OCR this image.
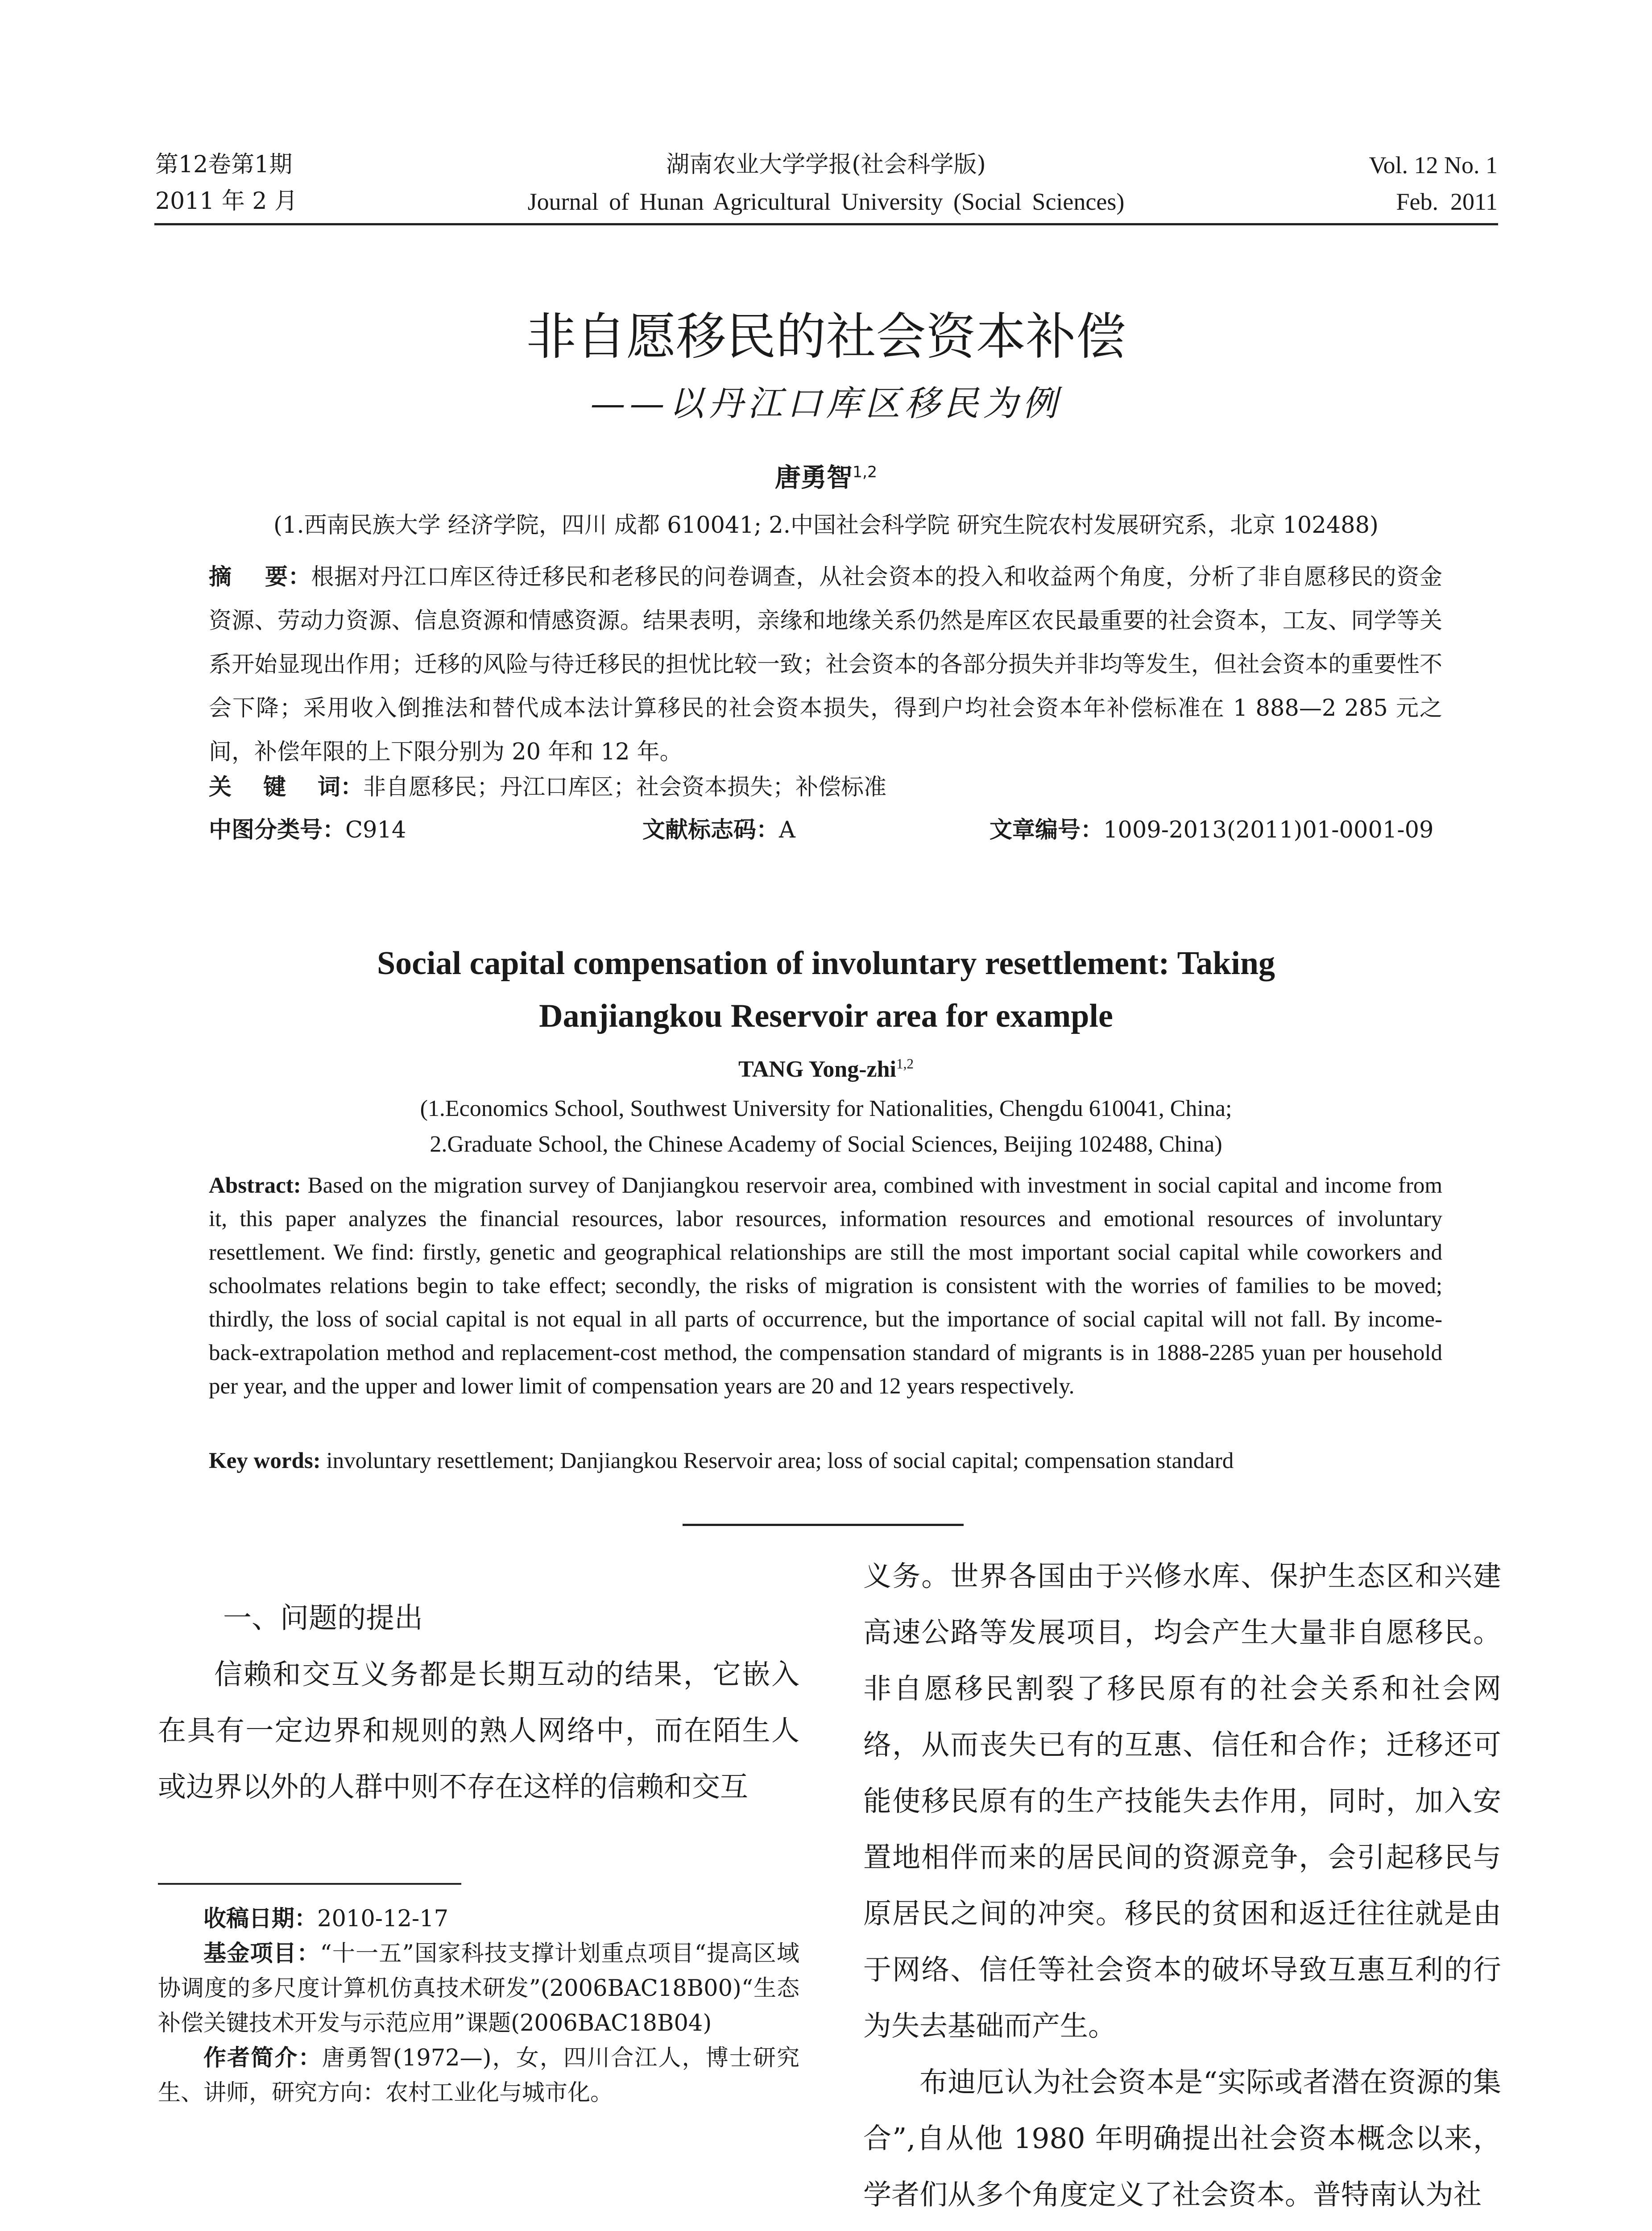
第12卷第1期
2011 年 2 月
湖南农业大学学报(社会科学版)
Journal of Hunan Agricultural University (Social Sciences)
Vol. 12 No. 1
Feb.  2011
非自愿移民的社会资本补偿
——以丹江口库区移民为例
唐勇智$^{1,2}$
(1.西南民族大学 经济学院，四川 成都 610041; 2.中国社会科学院 研究生院农村发展研究系，北京 102488)
摘    要：根据对丹江口库区待迁移民和老移民的问卷调查，从社会资本的投入和收益两个角度，分析了非自愿移民的资金资源、劳动力资源、信息资源和情感资源。结果表明，亲缘和地缘关系仍然是库区农民最重要的社会资本，工友、同学等关系开始显现出作用；迁移的风险与待迁移民的担忧比较一致；社会资本的各部分损失并非均等发生，但社会资本的重要性不会下降；采用收入倒推法和替代成本法计算移民的社会资本损失，得到户均社会资本年补偿标准在 1 888—2 285 元之间，补偿年限的上下限分别为 20 年和 12 年。
关    键    词：非自愿移民；丹江口库区；社会资本损失；补偿标准
中图分类号：C914	文献标志码：A	文章编号：1009-2013(2011)01-0001-09
Social capital compensation of involuntary resettlement: Taking
Danjiangkou Reservoir area for example
TANG Yong-zhi$^{1,2}$
(1.Economics School, Southwest University for Nationalities, Chengdu 610041, China;
2.Graduate School, the Chinese Academy of Social Sciences, Beijing 102488, China)
Abstract: Based on the migration survey of Danjiangkou reservoir area, combined with investment in social capital and income from it, this paper analyzes the financial resources, labor resources, information resources and emotional resources of involuntary resettlement. We find: firstly, genetic and geographical relationships are still the most important social capital while coworkers and schoolmates relations begin to take effect; secondly, the risks of migration is consistent with the worries of families to be moved; thirdly, the loss of social capital is not equal in all parts of occurrence, but the importance of social capital will not fall. By income-back-extrapolation method and replacement-cost method, the compensation standard of migrants is in 1888-2285 yuan per household per year, and the upper and lower limit of compensation years are 20 and 12 years respectively.
Key words: involuntary resettlement; Danjiangkou Reservoir area; loss of social capital; compensation standard
一、问题的提出

信赖和交互义务都是长期互动的结果，它嵌入在具有一定边界和规则的熟人网络中，而在陌生人或边界以外的人群中则不存在这样的信赖和交互

收稿日期：2010-12-17

基金项目：“十一五”国家科技支撑计划重点项目“提高区域协调度的多尺度计算机仿真技术研发”(2006BAC18B00)“生态补偿关键技术开发与示范应用”课题(2006BAC18B04)

作者简介：唐勇智(1972—)，女，四川合江人，博士研究生、讲师，研究方向：农村工业化与城市化。

义务。世界各国由于兴修水库、保护生态区和兴建高速公路等发展项目，均会产生大量非自愿移民。非自愿移民割裂了移民原有的社会关系和社会网络，从而丧失已有的互惠、信任和合作；迁移还可能使移民原有的生产技能失去作用，同时，加入安置地相伴而来的居民间的资源竞争，会引起移民与原居民之间的冲突。移民的贫困和返迁往往就是由于网络、信任等社会资本的破坏导致互惠互利的行为失去基础而产生。

布迪厄认为社会资本是“实际或者潜在资源的集合”,自从他 1980 年明确提出社会资本概念以来，学者们从多个角度定义了社会资本。普特南认为社
